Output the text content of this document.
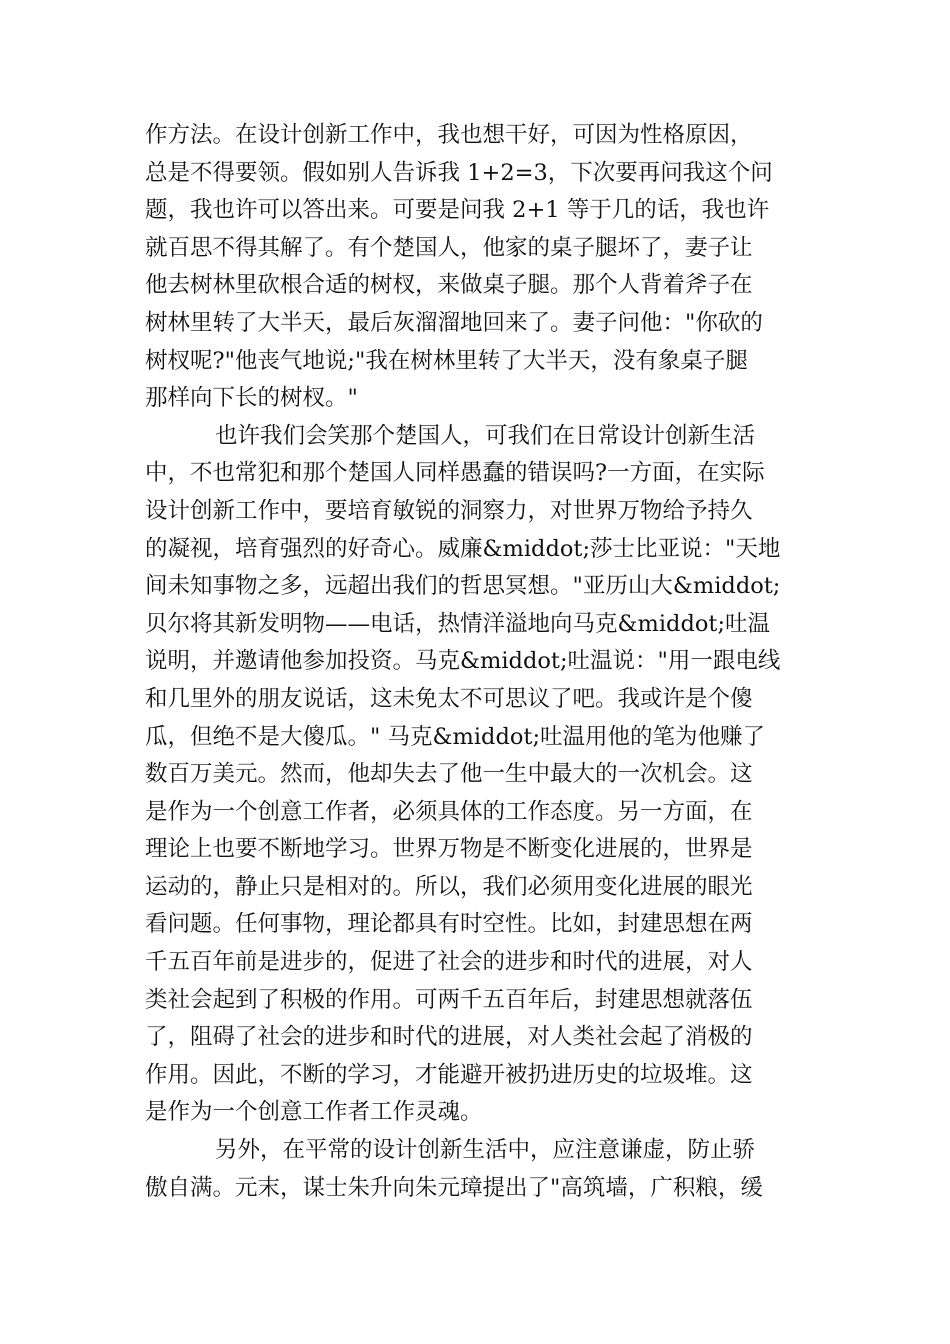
作方法。在设计创新工作中，我也想干好，可因为性格原因，
总是不得要领。假如别人告诉我 1+2=3，下次要再问我这个问
题，我也许可以答出来。可要是问我 2+1 等于几的话，我也许
就百思不得其解了。有个楚国人，他家的桌子腿坏了，妻子让
他去树林里砍根合适的树杈，来做桌子腿。那个人背着斧子在
树林里转了大半天，最后灰溜溜地回来了。妻子问他："你砍的
树杈呢?"他丧气地说;"我在树林里转了大半天，没有象桌子腿
那样向下长的树杈。"
也许我们会笑那个楚国人，可我们在日常设计创新生活
中，不也常犯和那个楚国人同样愚蠢的错误吗?一方面，在实际
设计创新工作中，要培育敏锐的洞察力，对世界万物给予持久
的凝视，培育强烈的好奇心。威廉&middot;莎士比亚说："天地
间未知事物之多，远超出我们的哲思冥想。"亚历山大&middot;
贝尔将其新发明物——电话，热情洋溢地向马克&middot;吐温
说明，并邀请他参加投资。马克&middot;吐温说："用一跟电线
和几里外的朋友说话，这未免太不可思议了吧。我或许是个傻
瓜，但绝不是大傻瓜。" 马克&middot;吐温用他的笔为他赚了
数百万美元。然而，他却失去了他一生中最大的一次机会。这
是作为一个创意工作者，必须具体的工作态度。另一方面，在
理论上也要不断地学习。世界万物是不断变化进展的，世界是
运动的，静止只是相对的。所以，我们必须用变化进展的眼光
看问题。任何事物，理论都具有时空性。比如，封建思想在两
千五百年前是进步的，促进了社会的进步和时代的进展，对人
类社会起到了积极的作用。可两千五百年后，封建思想就落伍
了，阻碍了社会的进步和时代的进展，对人类社会起了消极的
作用。因此，不断的学习，才能避开被扔进历史的垃圾堆。这
是作为一个创意工作者工作灵魂。
另外，在平常的设计创新生活中，应注意谦虚，防止骄
傲自满。元末，谋士朱升向朱元璋提出了"高筑墙，广积粮，缓
